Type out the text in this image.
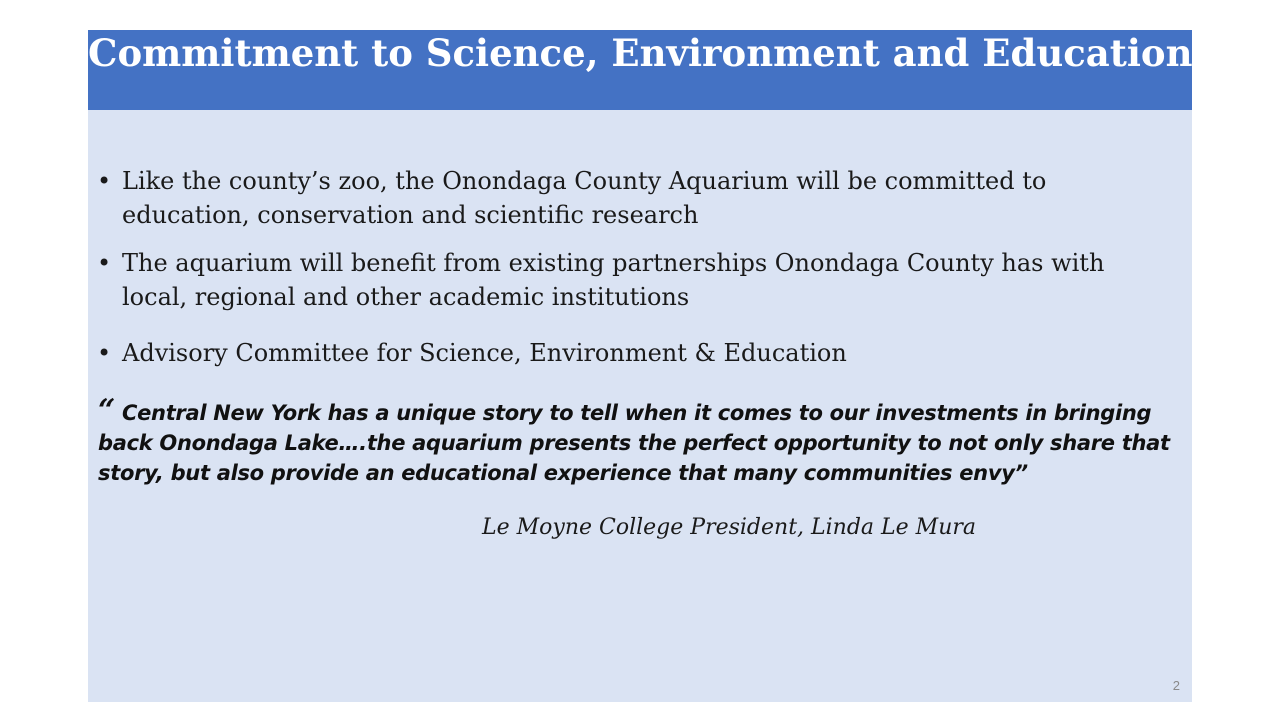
Commitment to Science, Environment and Education
• Like the county’s zoo, the Onondaga County Aquarium will be committed to education, conservation and scientific research
• The aquarium will benefit from existing partnerships Onondaga County has with local, regional and other academic institutions
• Advisory Committee for Science, Environment & Education
“ Central New York has a unique story to tell when it comes to our investments in bringing back Onondaga Lake….the aquarium presents the perfect opportunity to not only share that story, but also provide an educational experience that many communities envy”
Le Moyne College President, Linda Le Mura
2
